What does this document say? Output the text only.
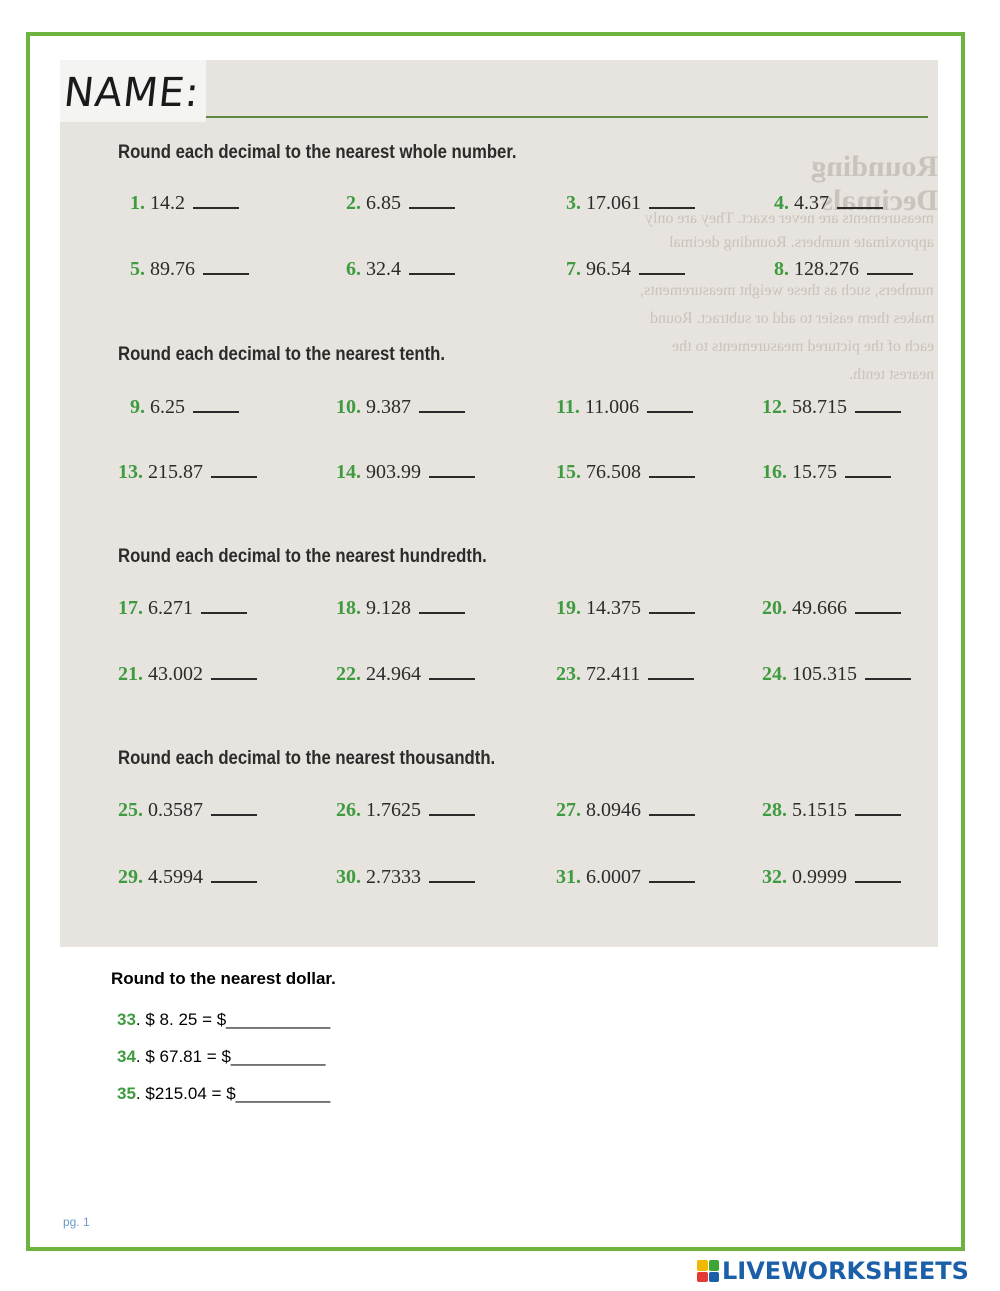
NAME:
Rounding Decimals
measurements are never exact. They are only
approximate numbers. Rounding decimal
numbers, such as these weight measurements,
makes them easier to add or subtract. Round
each of the pictured measurements to the
nearest tenth.
Round each decimal to the nearest whole number.
1. 14.2	2. 6.85	3. 17.061	4. 4.37
5. 89.76	6. 32.4	7. 96.54	8. 128.276
Round each decimal to the nearest tenth.
9. 6.25	10. 9.387	11. 11.006	12. 58.715
13. 215.87	14. 903.99	15. 76.508	16. 15.75
Round each decimal to the nearest hundredth.
17. 6.271	18. 9.128	19. 14.375	20. 49.666
21. 43.002	22. 24.964	23. 72.411	24. 105.315
Round each decimal to the nearest thousandth.
25. 0.3587	26. 1.7625	27. 8.0946	28. 5.1515
29. 4.5994	30. 2.7333	31. 6.0007	32. 0.9999
Round to the nearest dollar.
33. $ 8. 25 = $___________
34. $ 67.81 = $__________
35. $215.04 = $__________
pg. 1
LIVEWORKSHEETS
